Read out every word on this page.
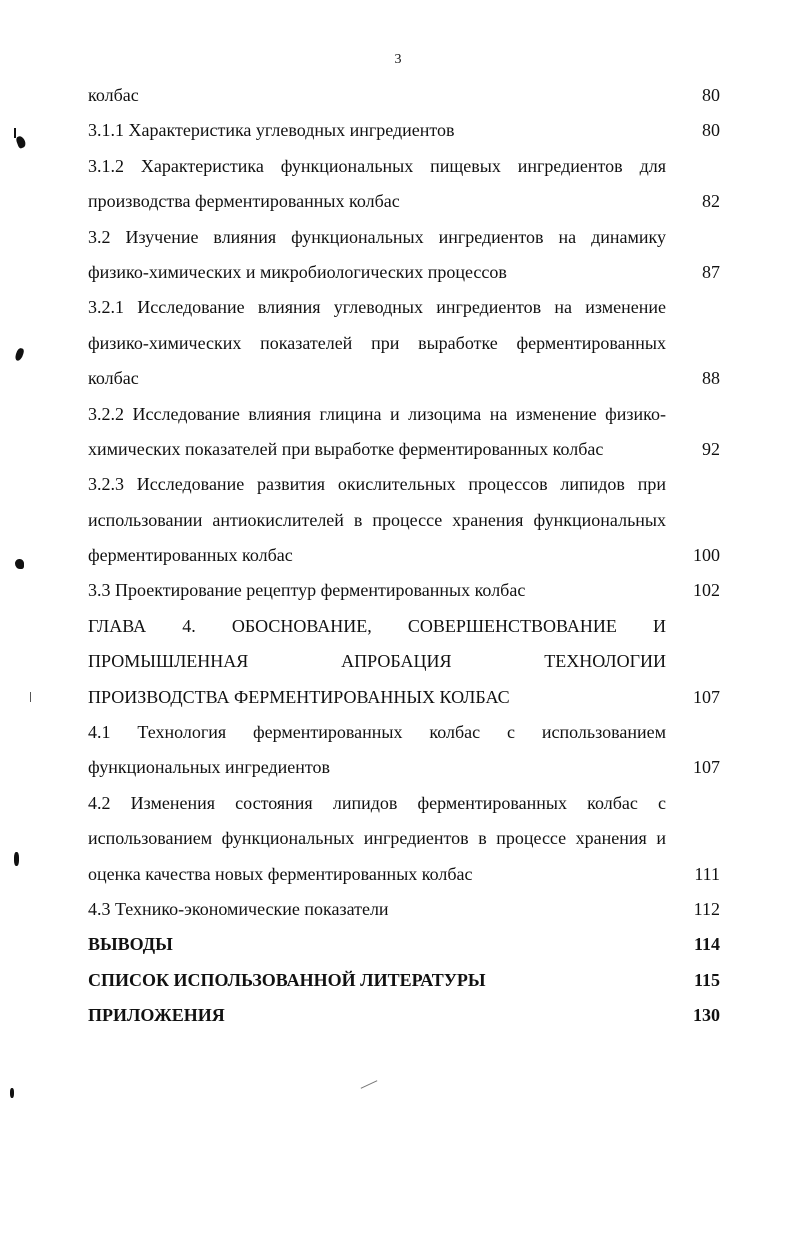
3
колбас	80
3.1.1 Характеристика углеводных ингредиентов	80
3.1.2 Характеристика функциональных пищевых ингредиентов для
производства ферментированных колбас	82
3.2 Изучение влияния функциональных ингредиентов на динамику
физико-химических и микробиологических процессов	87
3.2.1 Исследование влияния углеводных ингредиентов на изменение
физико-химических показателей при выработке ферментированных
колбас	88
3.2.2 Исследование влияния глицина и лизоцима на изменение физико-
химических показателей при выработке ферментированных колбас	92
3.2.3 Исследование развития окислительных процессов липидов при
использовании антиокислителей в процессе хранения функциональных
ферментированных колбас	100
3.3 Проектирование рецептур ферментированных колбас	102
ГЛАВА 4. ОБОСНОВАНИЕ, СОВЕРШЕНСТВОВАНИЕ И
ПРОМЫШЛЕННАЯ АПРОБАЦИЯ ТЕХНОЛОГИИ
ПРОИЗВОДСТВА ФЕРМЕНТИРОВАННЫХ КОЛБАС	107
4.1 Технология ферментированных колбас с использованием
функциональных ингредиентов	107
4.2 Изменения состояния липидов ферментированных колбас с
использованием функциональных ингредиентов в процессе хранения и
оценка качества новых ферментированных колбас	111
4.3 Технико-экономические показатели	112
ВЫВОДЫ	114
СПИСОК ИСПОЛЬЗОВАННОЙ ЛИТЕРАТУРЫ	115
ПРИЛОЖЕНИЯ	130
